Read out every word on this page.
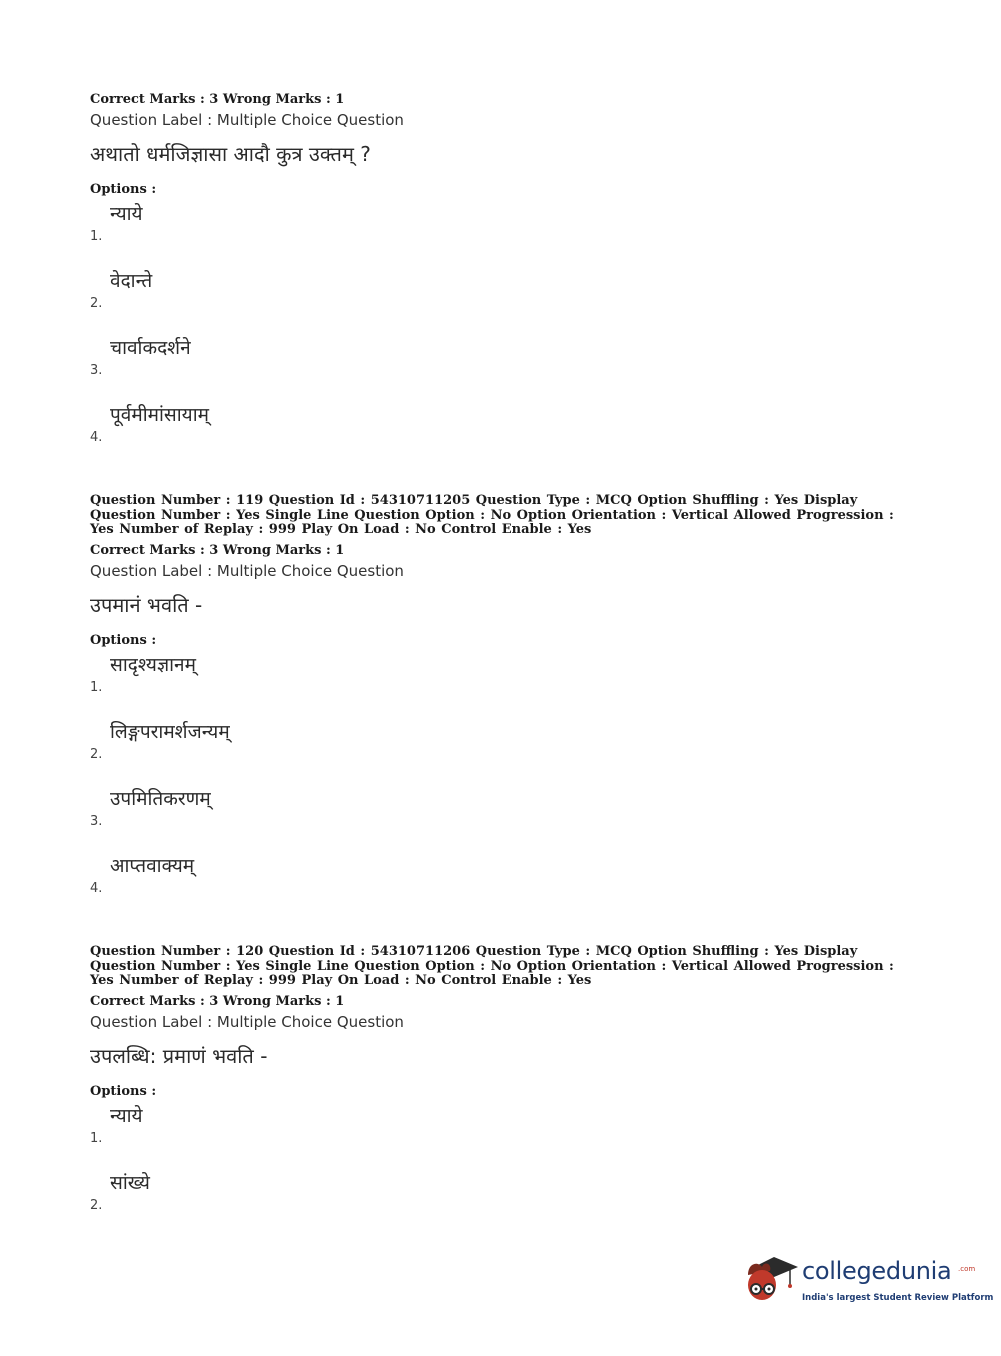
Correct Marks : 3 Wrong Marks : 1
Question Label : Multiple Choice Question
अथातो धर्मजिज्ञासा आदौ कुत्र उक्तम् ?
Options :
न्याये
1.
वेदान्ते
2.
चार्वाकदर्शने
3.
पूर्वमीमांसायाम्
4.
Question Number : 119 Question Id : 54310711205 Question Type : MCQ Option Shuffling : Yes Display Question Number : Yes Single Line Question Option : No Option Orientation : Vertical Allowed Progression : Yes Number of Replay : 999 Play On Load : No Control Enable : Yes
Correct Marks : 3 Wrong Marks : 1
Question Label : Multiple Choice Question
उपमानं भवति -
Options :
सादृश्यज्ञानम्
1.
लिङ्गपरामर्शजन्यम्
2.
उपमितिकरणम्
3.
आप्तवाक्यम्
4.
Question Number : 120 Question Id : 54310711206 Question Type : MCQ Option Shuffling : Yes Display Question Number : Yes Single Line Question Option : No Option Orientation : Vertical Allowed Progression : Yes Number of Replay : 999 Play On Load : No Control Enable : Yes
Correct Marks : 3 Wrong Marks : 1
Question Label : Multiple Choice Question
उपलब्धि: प्रमाणं भवति -
Options :
न्याये
1.
सांख्ये
2.
collegedunia .com
India's largest Student Review Platform
